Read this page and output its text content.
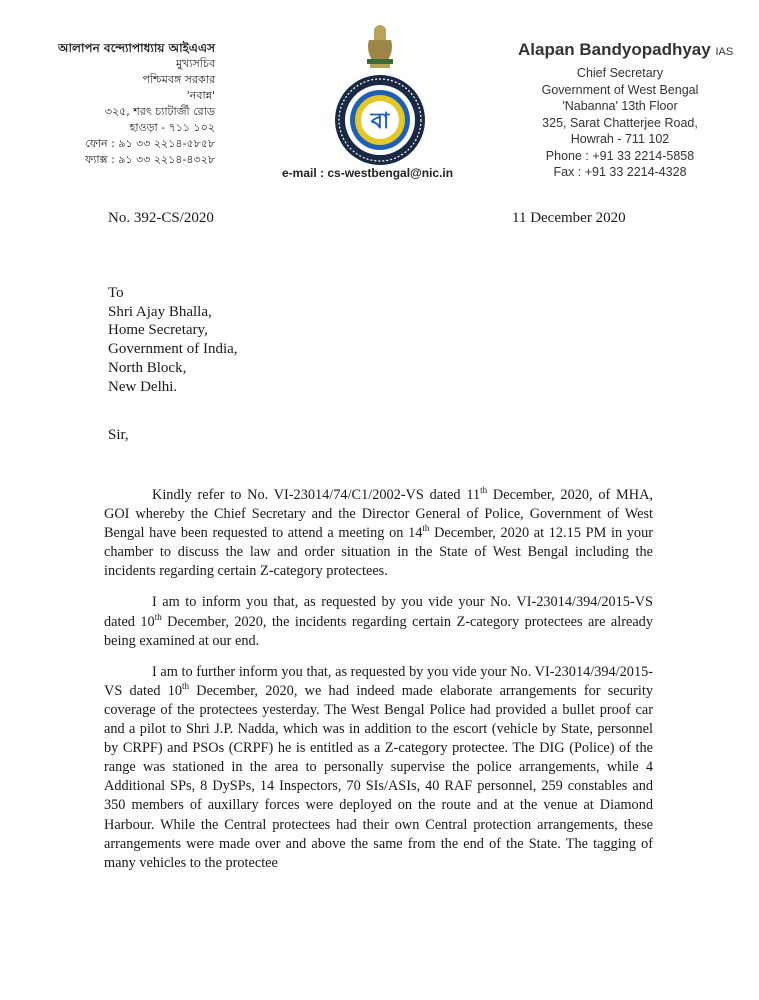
আলাপন বন্দ্যোপাধ্যায় আইএএস
মুখ্যসচিব
পশ্চিমবঙ্গ সরকার
'নবান্ন'
৩২৫, শরৎ চ্যাটার্জী রোড
হাওড়া - ৭১১ ১০২
ফোন : ৯১ ৩৩ ২২১৪-৫৮৫৮
ফ্যাক্স : ৯১ ৩৩ ২২১৪-৪৩২৮
বা
e-mail : cs-westbengal@nic.in
Alapan Bandyopadhyay IAS
Chief Secretary
Government of West Bengal
'Nabanna' 13th Floor
325, Sarat Chatterjee Road,
Howrah - 711 102
Phone : +91 33 2214-5858
Fax : +91 33 2214-4328
No. 392-CS/2020	11 December 2020
To
Shri Ajay Bhalla,
Home Secretary,
Government of India,
North Block,
New Delhi.
Sir,

Kindly refer to No. VI-23014/74/C1/2002-VS dated 11th December, 2020, of MHA, GOI whereby the Chief Secretary and the Director General of Police, Government of West Bengal have been requested to attend a meeting on 14th December, 2020 at 12.15 PM in your chamber to discuss the law and order situation in the State of West Bengal including the incidents regarding certain Z-category protectees.

I am to inform you that, as requested by you vide your No. VI-23014/394/2015-VS dated 10th December, 2020, the incidents regarding certain Z-category protectees are already being examined at our end.

I am to further inform you that, as requested by you vide your No. VI-23014/394/2015-VS dated 10th December, 2020, we had indeed made elaborate arrangements for security coverage of the protectees yesterday. The West Bengal Police had provided a bullet proof car and a pilot to Shri J.P. Nadda, which was in addition to the escort (vehicle by State, personnel by CRPF) and PSOs (CRPF) he is entitled as a Z-category protectee. The DIG (Police) of the range was stationed in the area to personally supervise the police arrangements, while 4 Additional SPs, 8 DySPs, 14 Inspectors, 70 SIs/ASIs, 40 RAF personnel, 259 constables and 350 members of auxillary forces were deployed on the route and at the venue at Diamond Harbour. While the Central protectees had their own Central protection arrangements, these arrangements were made over and above the same from the end of the State. The tagging of many vehicles to the protectee
